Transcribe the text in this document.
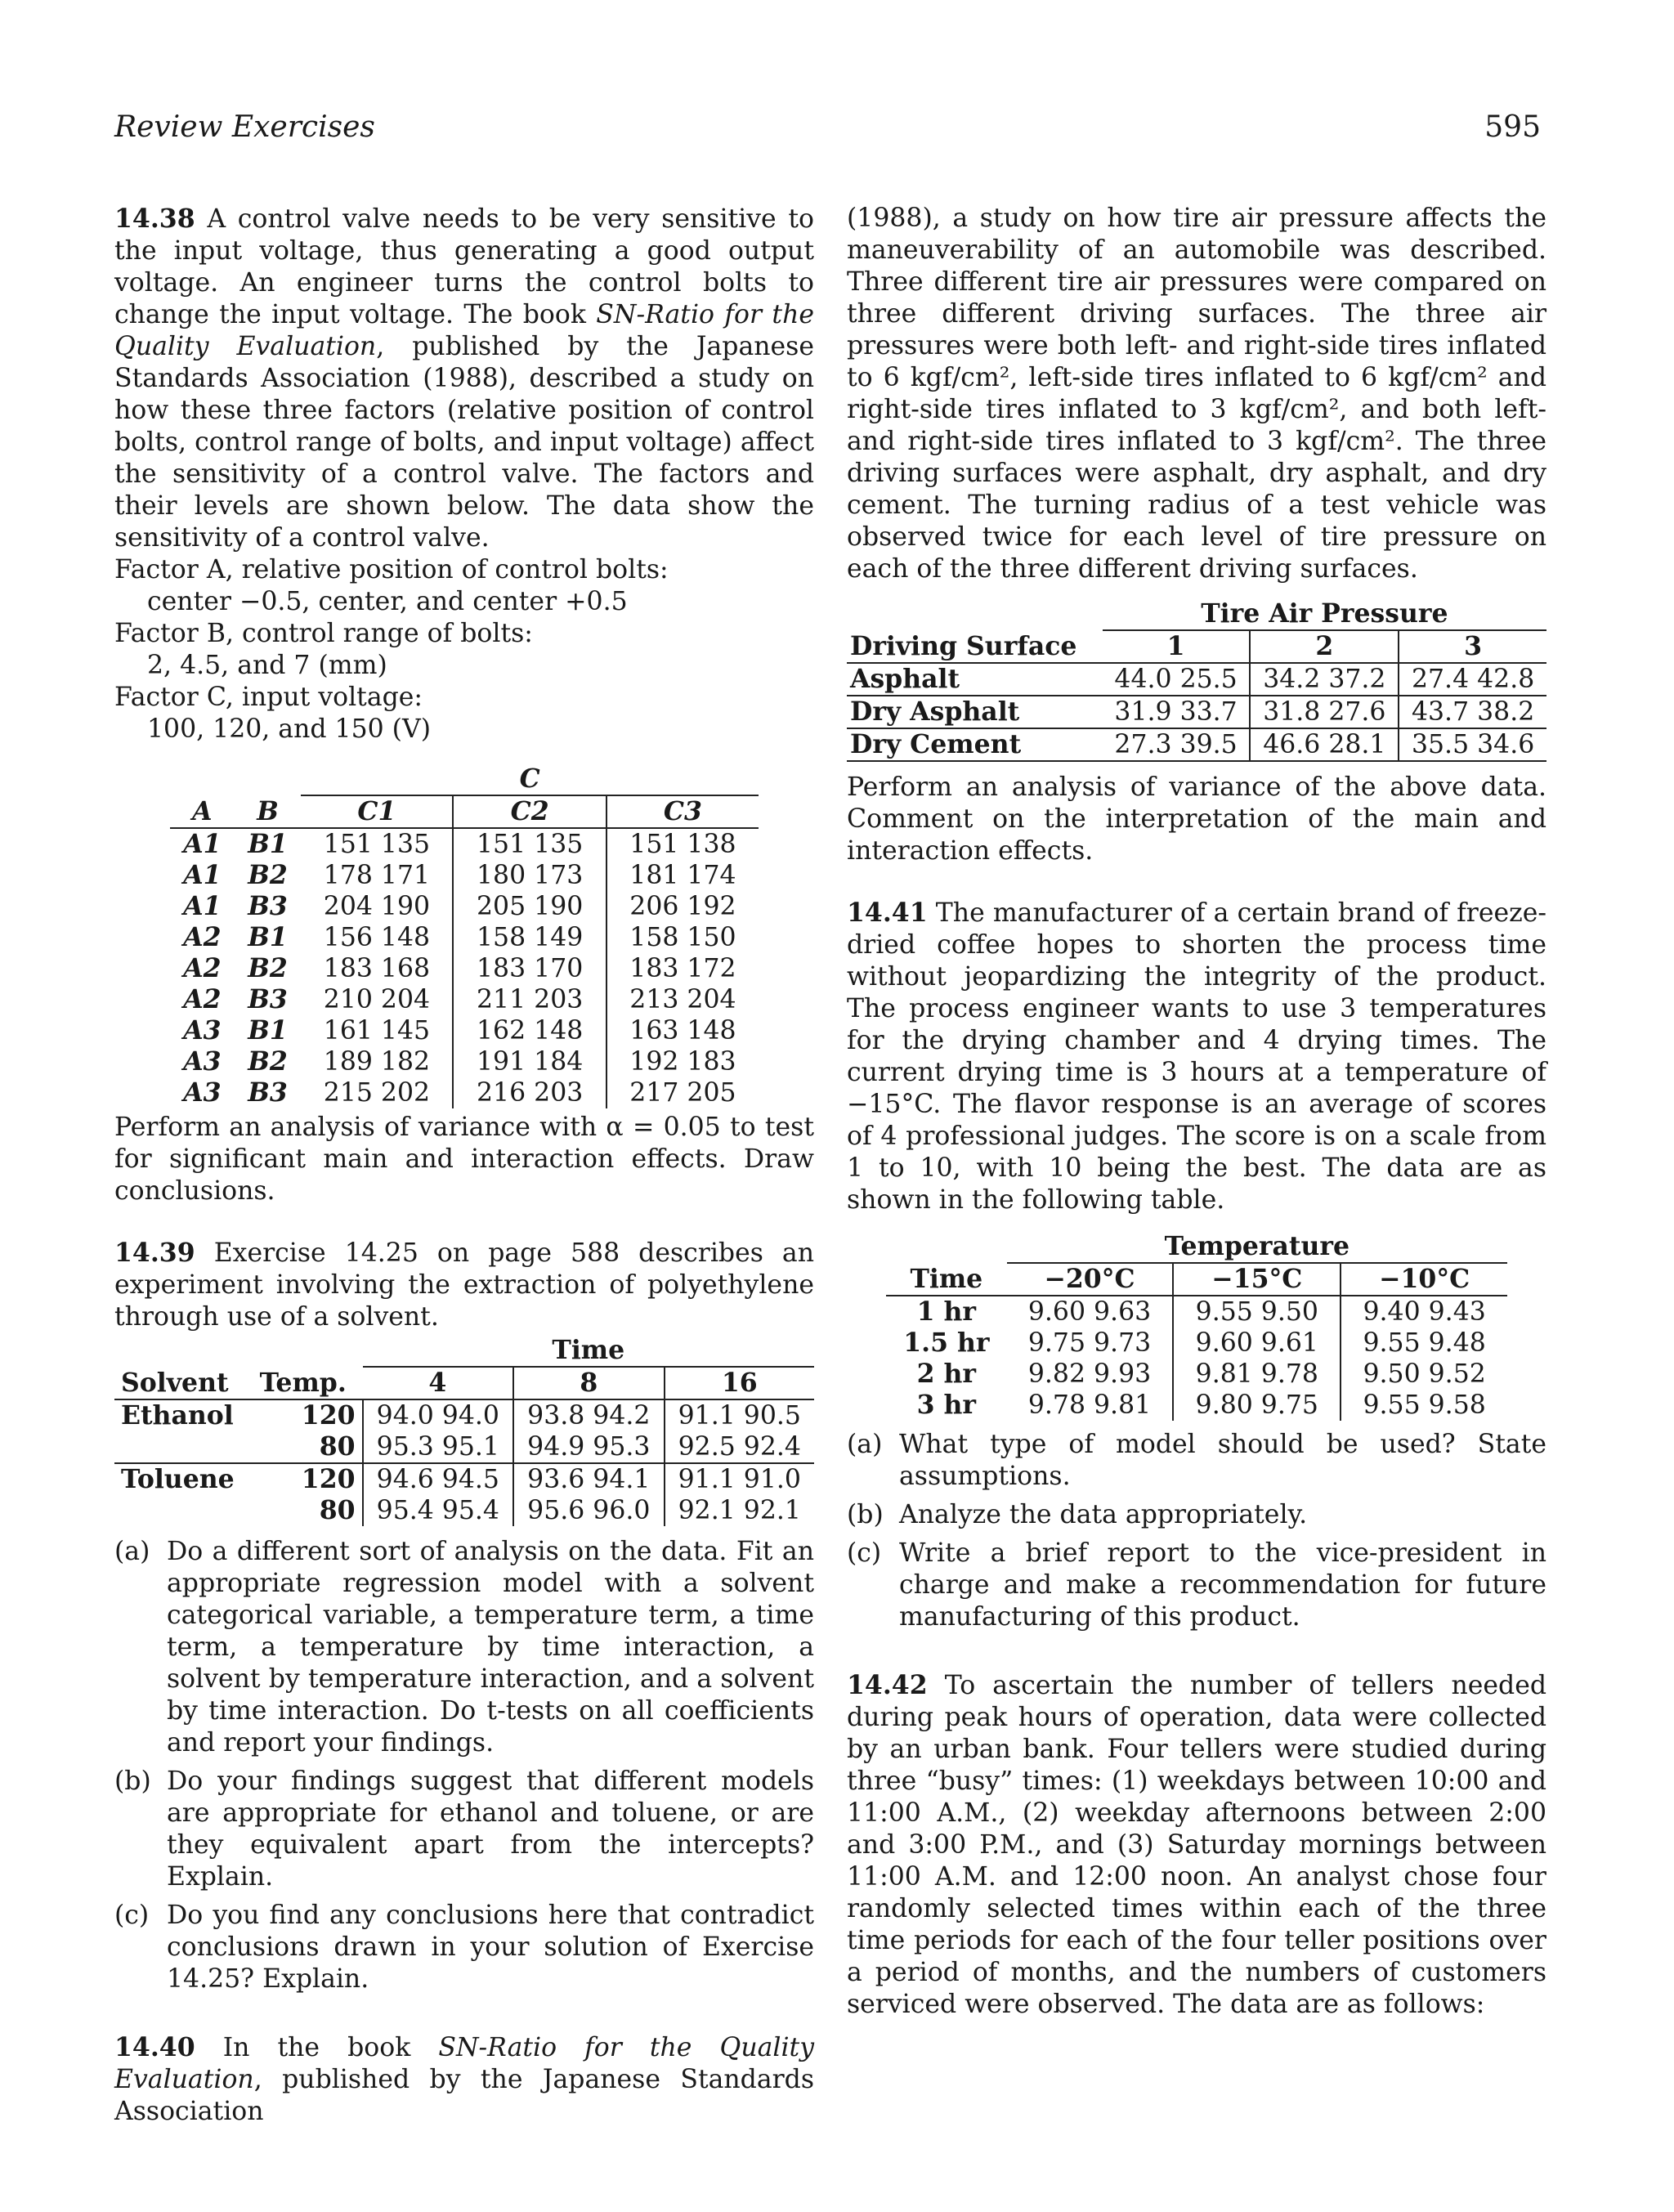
Review Exercises	595

14.38 A control valve needs to be very sensitive to the input voltage, thus generating a good output voltage. An engineer turns the control bolts to change the input voltage. The book SN-Ratio for the Quality Evaluation, published by the Japanese Standards Association (1988), described a study on how these three factors (relative position of control bolts, control range of bolts, and input voltage) affect the sensitivity of a control valve. The factors and their levels are shown below. The data show the sensitivity of a control valve.

Factor A, relative position of control bolts:
center −0.5, center, and center +0.5
Factor B, control range of bolts:
2, 4.5, and 7 (mm)
Factor C, input voltage:
100, 120, and 150 (V)
		C		
A	B	C1	C2	C3
A1	B1	151 135	151 135	151 138
A1	B2	178 171	180 173	181 174
A1	B3	204 190	205 190	206 192
A2	B1	156 148	158 149	158 150
A2	B2	183 168	183 170	183 172
A2	B3	210 204	211 203	213 204
A3	B1	161 145	162 148	163 148
A3	B2	189 182	191 184	192 183
A3	B3	215 202	216 203	217 205

Perform an analysis of variance with α = 0.05 to test for significant main and interaction effects. Draw conclusions.

14.39 Exercise 14.25 on page 588 describes an experiment involving the extraction of polyethylene through use of a solvent.

		Time		
Solvent	Temp.	4	8	16
Ethanol	120	94.0 94.0	93.8 94.2	91.1 90.5
	80	95.3 95.1	94.9 95.3	92.5 92.4
Toluene	120	94.6 94.5	93.6 94.1	91.1 91.0
	80	95.4 95.4	95.6 96.0	92.1 92.1
(a) Do a different sort of analysis on the data. Fit an appropriate regression model with a solvent categorical variable, a temperature term, a time term, a temperature by time interaction, a solvent by temperature interaction, and a solvent by time interaction. Do t-tests on all coefficients and report your findings.
(b) Do your findings suggest that different models are appropriate for ethanol and toluene, or are they equivalent apart from the intercepts? Explain.
(c) Do you find any conclusions here that contradict conclusions drawn in your solution of Exercise 14.25? Explain.

14.40 In the book SN-Ratio for the Quality Evaluation, published by the Japanese Standards Association

(1988), a study on how tire air pressure affects the maneuverability of an automobile was described. Three different tire air pressures were compared on three different driving surfaces. The three air pressures were both left- and right-side tires inflated to 6 kgf/cm², left-side tires inflated to 6 kgf/cm² and right-side tires inflated to 3 kgf/cm², and both left- and right-side tires inflated to 3 kgf/cm². The three driving surfaces were asphalt, dry asphalt, and dry cement. The turning radius of a test vehicle was observed twice for each level of tire pressure on each of the three different driving surfaces.

	Tire Air Pressure		
Driving Surface	1	2	3
Asphalt	44.0 25.5	34.2 37.2	27.4 42.8
Dry Asphalt	31.9 33.7	31.8 27.6	43.7 38.2
Dry Cement	27.3 39.5	46.6 28.1	35.5 34.6

Perform an analysis of variance of the above data. Comment on the interpretation of the main and interaction effects.

14.41 The manufacturer of a certain brand of freeze-dried coffee hopes to shorten the process time without jeopardizing the integrity of the product. The process engineer wants to use 3 temperatures for the drying chamber and 4 drying times. The current drying time is 3 hours at a temperature of −15°C. The flavor response is an average of scores of 4 professional judges. The score is on a scale from 1 to 10, with 10 being the best. The data are as shown in the following table.

	Temperature		
Time	−20°C	−15°C	−10°C
1 hr	9.60 9.63	9.55 9.50	9.40 9.43
1.5 hr	9.75 9.73	9.60 9.61	9.55 9.48
2 hr	9.82 9.93	9.81 9.78	9.50 9.52
3 hr	9.78 9.81	9.80 9.75	9.55 9.58
(a) What type of model should be used? State assumptions.
(b) Analyze the data appropriately.
(c) Write a brief report to the vice-president in charge and make a recommendation for future manufacturing of this product.

14.42 To ascertain the number of tellers needed during peak hours of operation, data were collected by an urban bank. Four tellers were studied during three “busy” times: (1) weekdays between 10:00 and 11:00 A.M., (2) weekday afternoons between 2:00 and 3:00 P.M., and (3) Saturday mornings between 11:00 A.M. and 12:00 noon. An analyst chose four randomly selected times within each of the three time periods for each of the four teller positions over a period of months, and the numbers of customers serviced were observed. The data are as follows:
